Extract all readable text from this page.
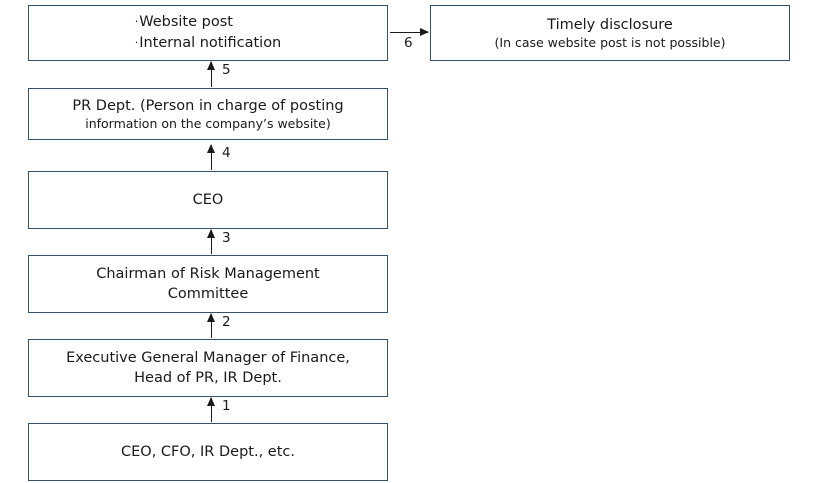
·Website post
·Internal notification
Timely disclosure
(In case website post is not possible)
PR Dept. (Person in charge of posting

information on the company’s website)
CEO
Chairman of Risk Management
Committee
Executive General Manager of Finance,
Head of PR, IR Dept.
CEO, CFO, IR Dept., etc.
5
4
3
2
1
6
